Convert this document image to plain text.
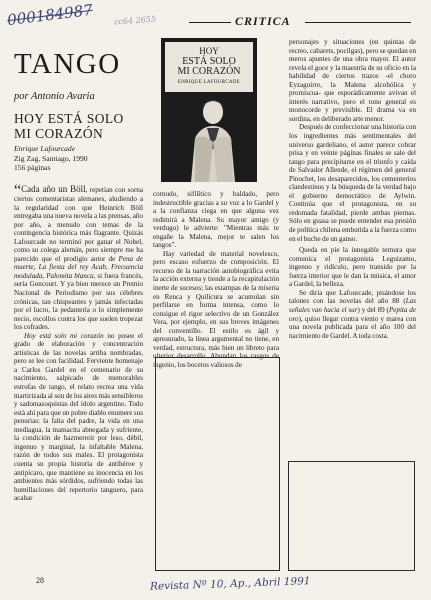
000184987	cc64 2655	CRITICA
TANGO
por Antonio Avaria
HOY ESTÁ SOLO
MI CORAZÓN
Enrique Lafourcade
Zig Zag, Santiago, 1990
156 páginas
HOY
ESTÁ SOLO
MI CORAZÓN
ENRIQUE LAFOURCADE

“Cada año un Böll, repetían con sorna ciertos comentaristas alemanes, aludiendo a la regularidad con que Heinrich Böll entregaba una nueva novela a las prensas, año por año, a menudo con temas de la contingencia histórica más flagrante. Quizás Lafourcade no terminó por ganar el Nobel, como su colega alemán, pero siempre me ha parecido que el prodigio autor de Pena de muerte, La fiesta del rey Acab, Frecuencia modulada, Palomita blanca, si fuera francés, sería Goncourt. Y ya bien merece un Premio Nacional de Periodismo por sus célebres crónicas, tan chispeantes y jamás infectadas por el lucro, la pedantería o lo simplemente necio, escollos contra los que suelen tropezar los cofrades.

Hoy está solo mi corazón no posee el grado de elaboración y concentración artísticas de las novelas arriba nombradas, pero se lee con facilidad. Ferviente homenaje a Carlos Gardel en el centenario de su nacimiento, salpicado de memorables estrofas de tango, el relato recrea una vida martirizada al son de los aires más sensibleros y sadomasoquistas del ídolo argentino. Todo está ahí para que un pobre diablo enumere sus penurias: la falta del padre, la vida en una mediagua, la mamacita abnegada y sufriente, la condición de hazmerreír por leso, débil, ingenuo y marginal, la infaltable Malena, razón de todos sus males. El protagonista cuenta su propia historia de antihéroe y antipícaro, que mantiene su inocencia en los ambientes más sórdidos, sufriendo todas las humillaciones del repertorio tanguero, para acabar

cornudo, sifilítico y baldado, pero indestructible gracias a su voz a lo Gardel y a la confianza ciega en que alguna vez redimirá a Malena. Su mayor amigo (y verdugo) le advierte: "Mientras más te engañe la Malena, mejor te salen los tangos".

Hay variedad de material novelesco, pero escaso esfuerzo de composición. El recurso de la narración autobiográfica evita la acción externa y tiende a la recapitulación inerte de sucesos; las estampas de la miseria en Renca y Quilicura se acumulan sin perfilarse en forma intensa, como lo consigue el rigor selectivo de un González Vera, por ejemplo, en sus breves imágenes del conventillo. El estilo es ágil y apresurado, la línea argumental no tiene, en verdad, estructura, más bien un libreto para ulterior desarrollo. Abundan los rasgos de ingenio, los bocetos valiosos de

personajes y situaciones (en quintas de recreo, cabarets, pocilgas), pero se quedan en meros apuntes de una obra mayor. El autor revela el goce y la maestría de su oficio en la habilidad de ciertos trazos -el choro Eyzaguirre, la Malena alcohólica y promiscua- que esporádicamente avivan el interés narrativo, pero el tono general es monocorde y previsible. El drama va en sordina, en deliberado arte menor.

Después de confeccionar una historia con los ingredientes más sentimentales del universo gardeliano, el autor parece cobrar prisa y en veinte páginas finales se sale del tango para precipitarse en el triunfo y caída de Salvador Allende, el régimen del general Pinochet, los desaparecidos, los cementerios clandestinos y la búsqueda de la verdad bajo el gobierno democrático de Aylwin. Continúa que el protagonista, en su redomada fatalidad, pierde ambas piernas. Sólo en guasa se puede entender esa presión de política chilena embutida a la fuerza como en el buche de un ganso.

Queda en pie la innegable ternura que comunica el protagonista Leguizamo, ingenuo y ridículo, pero transido por la fuerza interior que le dan la música, el amor a Gardel, la belleza.

Se diría que Lafourcade, pisándose los talones con las novelas del año 88 (Las señales van hacia el sur) y del 89 (Pepita de oro), quiso llegar contra viento y marea con una novela publicada para el año 100 del nacimiento de Gardel. A toda costa.

28	Revista Nº 10, Ap., Abril 1991
